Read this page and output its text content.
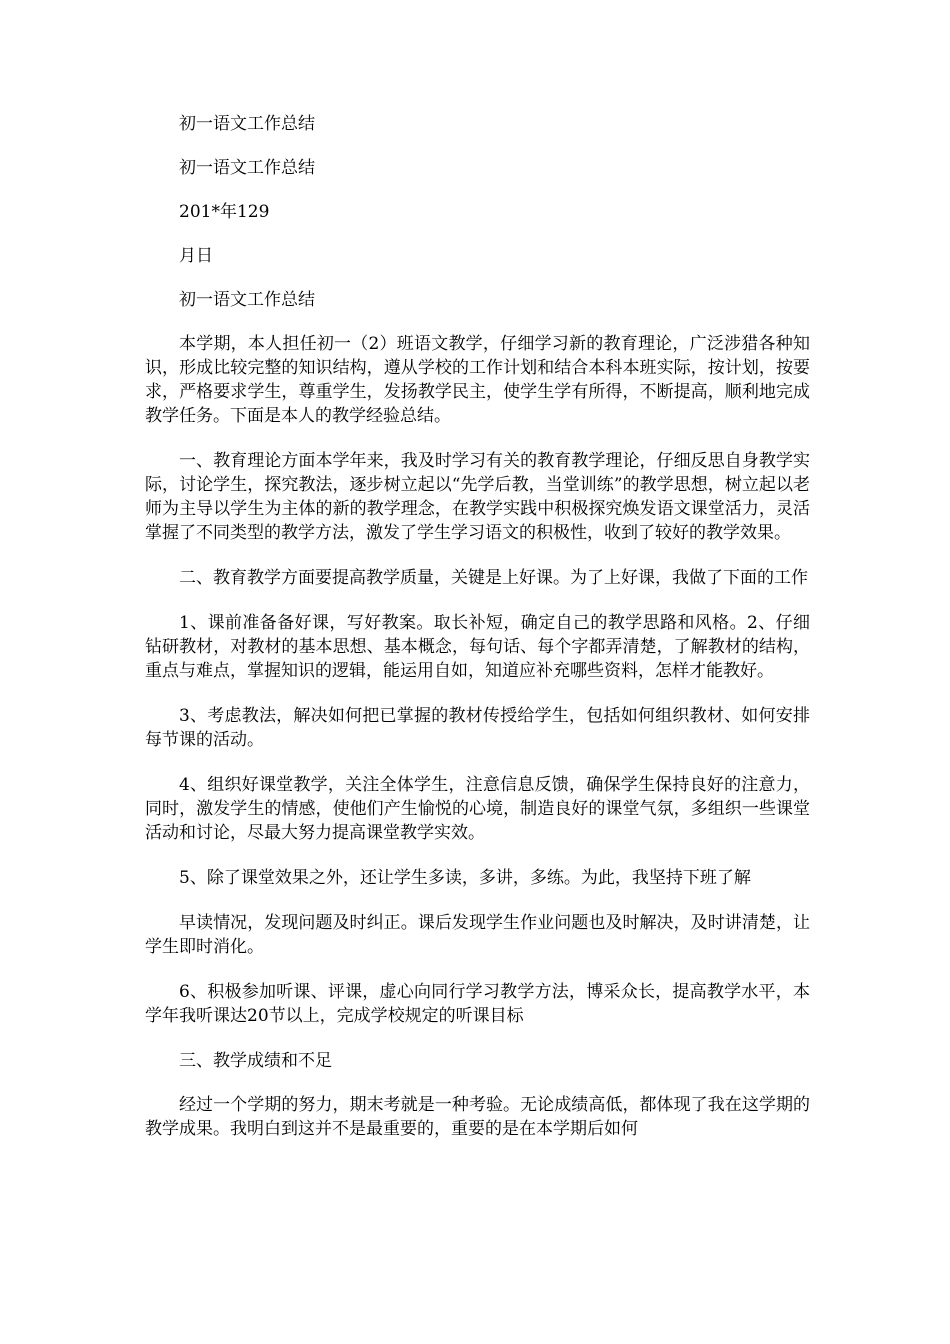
初一语文工作总结

初一语文工作总结

201*年129

月日

初一语文工作总结

本学期，本人担任初一（2）班语文教学，仔细学习新的教育理论，广泛涉猎各种知识，形成比较完整的知识结构，遵从学校的工作计划和结合本科本班实际，按计划，按要求，严格要求学生，尊重学生，发扬教学民主，使学生学有所得，不断提高，顺利地完成教学任务。下面是本人的教学经验总结。

一、教育理论方面本学年来，我及时学习有关的教育教学理论，仔细反思自身教学实际，讨论学生，探究教法，逐步树立起以“先学后教，当堂训练”的教学思想，树立起以老师为主导以学生为主体的新的教学理念，在教学实践中积极探究焕发语文课堂活力，灵活掌握了不同类型的教学方法，激发了学生学习语文的积极性，收到了较好的教学效果。

二、教育教学方面要提高教学质量，关键是上好课。为了上好课，我做了下面的工作

1、课前准备备好课，写好教案。取长补短，确定自己的教学思路和风格。2、仔细钻研教材，对教材的基本思想、基本概念，每句话、每个字都弄清楚，了解教材的结构，重点与难点，掌握知识的逻辑，能运用自如，知道应补充哪些资料，怎样才能教好。

3、考虑教法，解决如何把已掌握的教材传授给学生，包括如何组织教材、如何安排每节课的活动。

4、组织好课堂教学，关注全体学生，注意信息反馈，确保学生保持良好的注意力，同时，激发学生的情感，使他们产生愉悦的心境，制造良好的课堂气氛，多组织一些课堂活动和讨论，尽最大努力提高课堂教学实效。

5、除了课堂效果之外，还让学生多读，多讲，多练。为此，我坚持下班了解

早读情况，发现问题及时纠正。课后发现学生作业问题也及时解决，及时讲清楚，让学生即时消化。

6、积极参加听课、评课，虚心向同行学习教学方法，博采众长，提高教学水平，本学年我听课达20节以上，完成学校规定的听课目标

三、教学成绩和不足

经过一个学期的努力，期末考就是一种考验。无论成绩高低，都体现了我在这学期的教学成果。我明白到这并不是最重要的，重要的是在本学期后如何
